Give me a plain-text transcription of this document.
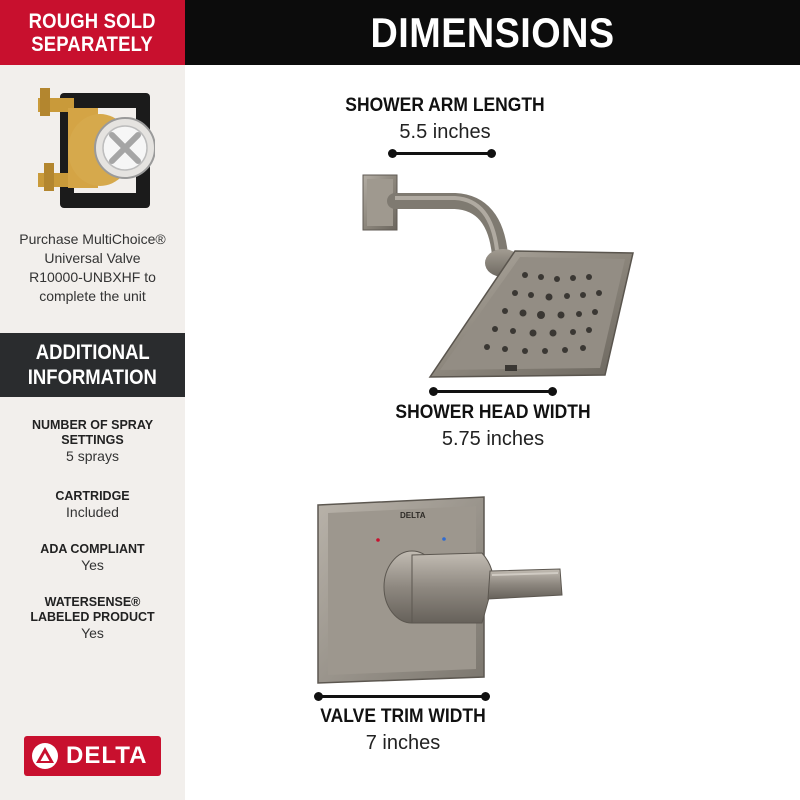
ROUGH SOLD
SEPARATELY
Purchase MultiChoice®
Universal Valve
R10000-UNBXHF to
complete the unit
ADDITIONAL
INFORMATION
NUMBER OF SPRAY
SETTINGS
5 sprays
CARTRIDGE
Included
ADA COMPLIANT
Yes
WATERSENSE®
LABELED PRODUCT
Yes
DELTA
DIMENSIONS
SHOWER ARM LENGTH
5.5 inches
SHOWER HEAD WIDTH
5.75 inches
DELTA
VALVE TRIM WIDTH
7 inches
